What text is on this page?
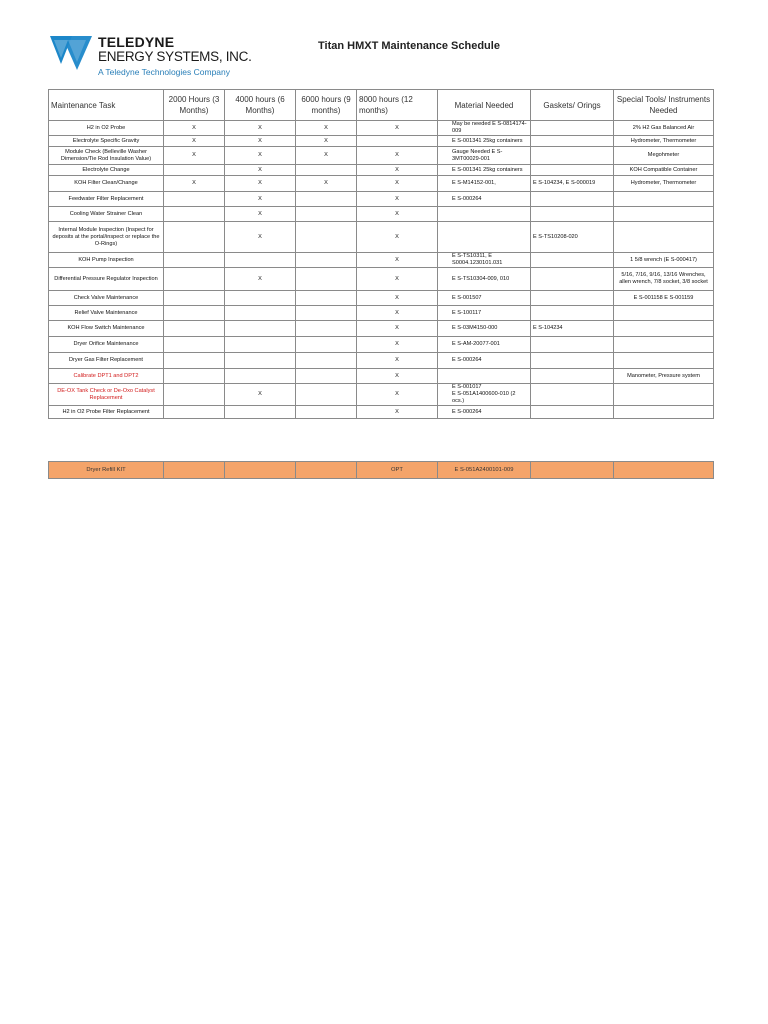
TELEDYNE
ENERGY SYSTEMS, INC.
A Teledyne Technologies Company
Titan HMXT Maintenance Schedule
Maintenance Task	2000 Hours (3 Months)	4000 hours (6 Months)	6000 hours (9 months)	8000 hours (12 months)	Material Needed	Gaskets/ Orings	Special Tools/ Instruments Needed
H2 in O2 Probe	X	X	X	X	May be needed E S-0814174-009		2% H2 Gas Balanced Air
Electrolyte Specific Gravity	X	X	X		E S-001341 25kg containers		Hydrometer, Thermometer
Module Check (Belleville Washer Dimension/Tie Rod Insulation Value)	X	X	X	X	Gauge Needed E S-3MT00029-001		Megohmeter
Electrolyte Change		X		X	E S-001341 25kg containers		KOH Compatible Container
KOH Filter Clean/Change	X	X	X	X	E S-M14152-001,	E S-104234, E S-000019	Hydrometer, Thermometer
Feedwater Filter Replacement		X		X	E S-000264		
Cooling Water Strainer Clean		X		X			
Internal Module Inspection (Inspect for deposits at the portal/inspect or replace the O-Rings)		X		X		E S-TS10208-020	
KOH Pump Inspection				X	E S-TS10311, E S0004.1230101.031		1 5/8 wrench (E S-000417)
Differential Pressure Regulator Inspection		X		X	E S-TS10304-009, 010		5/16, 7/16, 9/16, 13/16 Wrenches, allen wrench, 7/8 socket, 3/8 socket
Check Valve Maintenance				X	E S-001507		E S-001158 E S-001159
Relief Valve Maintenance				X	E S-100117		
KOH Flow Switch Maintenance				X	E S-03M4150-000	E S-104234	
Dryer Orifice Maintenance				X	E S-AM-20077-001		
Dryer Gas Filter Replacement				X	E S-000264		
Calibrate DPT1 and DPT2				X			Manometer, Pressure system
DE-OX Tank Check or De-Oxo Catalyst Replacement		X		X	E S-001017
E S-051A1400600-010 (2 ocs.)		
H2 in O2 Probe Filter Replacement				X	E S-000264		
Dryer Refill KIT				OPT	E S-051A2400101-009		
